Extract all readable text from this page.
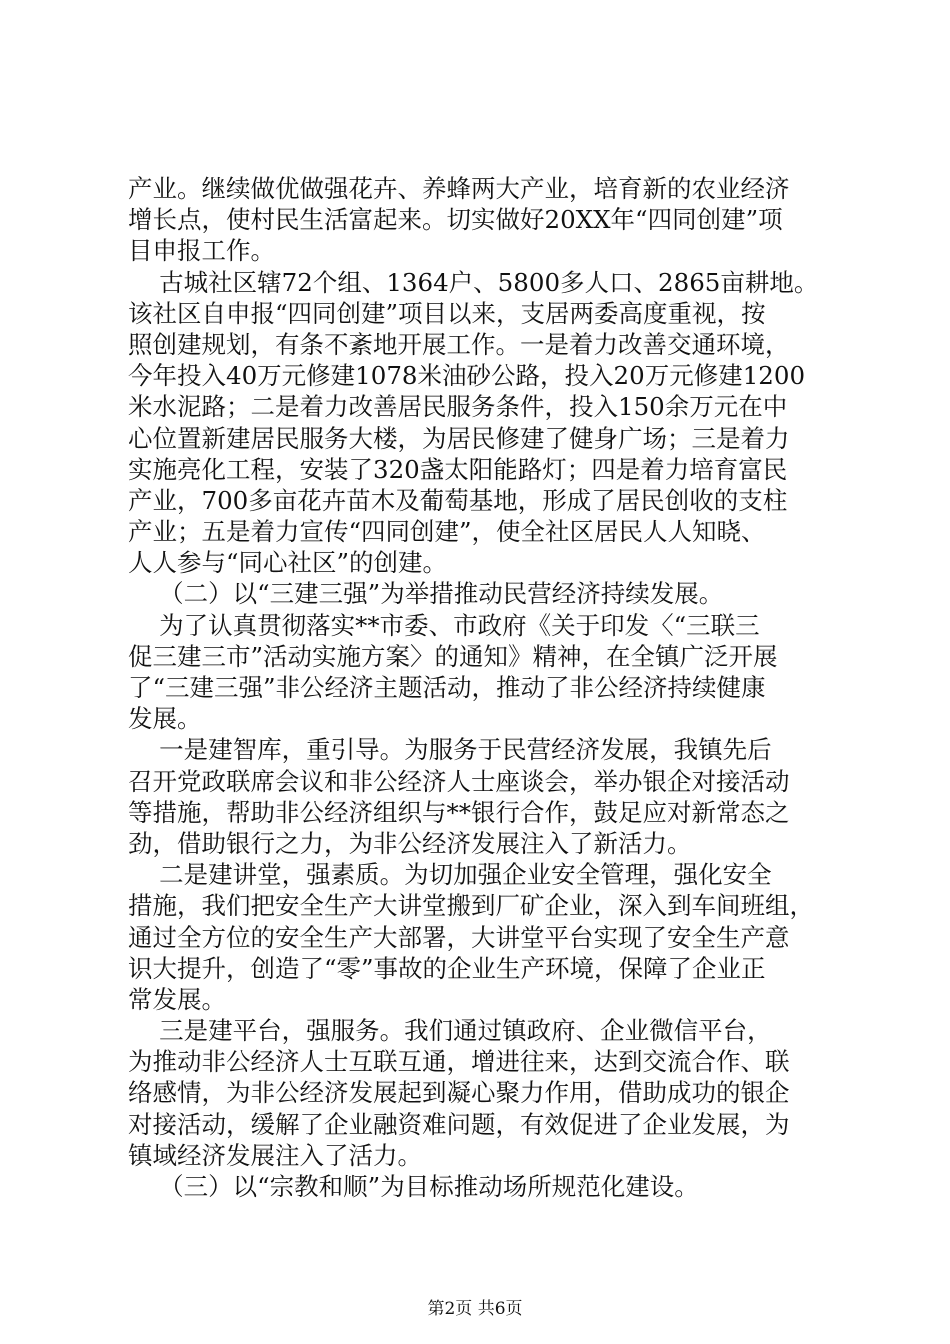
产业。继续做优做强花卉、养蜂两大产业，培育新的农业经济
增长点，使村民生活富起来。切实做好20XX年“四同创建”项
目申报工作。
古城社区辖72个组、1364户、5800多人口、2865亩耕地。
该社区自申报“四同创建”项目以来，支居两委高度重视，按
照创建规划，有条不紊地开展工作。一是着力改善交通环境，
今年投入40万元修建1078米油砂公路，投入20万元修建1200
米水泥路；二是着力改善居民服务条件，投入150余万元在中
心位置新建居民服务大楼，为居民修建了健身广场；三是着力
实施亮化工程，安装了320盏太阳能路灯；四是着力培育富民
产业，700多亩花卉苗木及葡萄基地，形成了居民创收的支柱
产业；五是着力宣传“四同创建”，使全社区居民人人知晓、
人人参与“同心社区”的创建。
（二）以“三建三强”为举措推动民营经济持续发展。
为了认真贯彻落实**市委、市政府《关于印发〈“三联三
促三建三市”活动实施方案〉的通知》精神，在全镇广泛开展
了“三建三强”非公经济主题活动，推动了非公经济持续健康
发展。
一是建智库，重引导。为服务于民营经济发展，我镇先后
召开党政联席会议和非公经济人士座谈会，举办银企对接活动
等措施，帮助非公经济组织与**银行合作，鼓足应对新常态之
劲，借助银行之力，为非公经济发展注入了新活力。
二是建讲堂，强素质。为切加强企业安全管理，强化安全
措施，我们把安全生产大讲堂搬到厂矿企业，深入到车间班组，
通过全方位的安全生产大部署，大讲堂平台实现了安全生产意
识大提升，创造了“零”事故的企业生产环境，保障了企业正
常发展。
三是建平台，强服务。我们通过镇政府、企业微信平台，
为推动非公经济人士互联互通，增进往来，达到交流合作、联
络感情，为非公经济发展起到凝心聚力作用，借助成功的银企
对接活动，缓解了企业融资难问题，有效促进了企业发展，为
镇域经济发展注入了活力。
（三）以“宗教和顺”为目标推动场所规范化建设。
第2页 共6页
